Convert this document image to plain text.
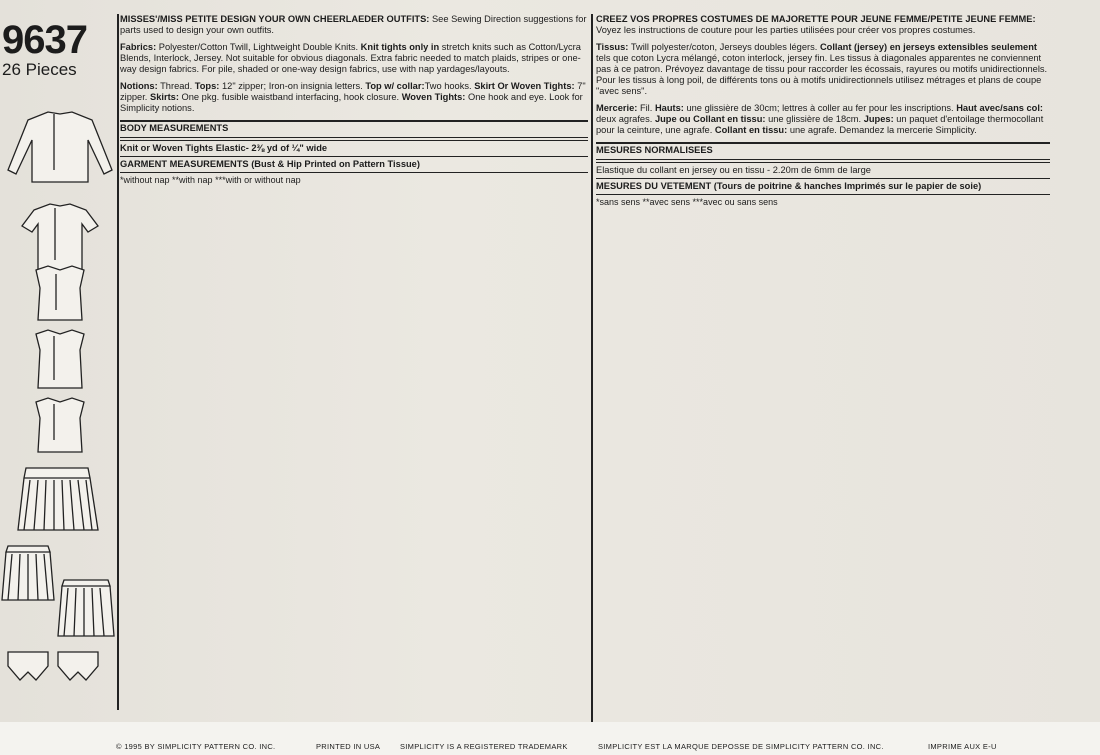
9637
26 Pieces

MISSES'/MISS PETITE DESIGN YOUR OWN CHEERLAEDER OUTFITS: See Sewing Direction suggestions for parts used to design your own outfits.

Fabrics: Polyester/Cotton Twill, Lightweight Double Knits. Knit tights only in stretch knits such as Cotton/Lycra Blends, Interlock, Jersey. Not suitable for obvious diagonals. Extra fabric needed to match plaids, stripes or one-way design fabrics. For pile, shaded or one-way design fabrics, use with nap yardages/layouts.

Notions: Thread. Tops: 12" zipper; Iron-on insignia letters. Top w/ collar:Two hooks. Skirt Or Woven Tights: 7" zipper. Skirts: One pkg. fusible waistband interfacing, hook closure. Woven Tights: One hook and eye. Look for Simplicity notions.

BODY MEASUREMENTS
Knit or Woven Tights Elastic- 2⅜ yd of ¼" wide
GARMENT MEASUREMENTS (Bust & Hip Printed on Pattern Tissue)
*without nap **with nap ***with or without nap

CREEZ VOS PROPRES COSTUMES DE MAJORETTE POUR JEUNE FEMME/PETITE JEUNE FEMME: Voyez les instructions de couture pour les parties utilisées pour créer vos propres costumes.

Tissus: Twill polyester/coton, Jerseys doubles légers. Collant (jersey) en jerseys extensibles seulement tels que coton Lycra mélangé, coton interlock, jersey fin. Les tissus à diagonales apparentes ne conviennent pas à ce patron. Prévoyez davantage de tissu pour raccorder les écossais, rayures ou motifs unidirectionnels. Pour les tissus à long poil, de différents tons ou à motifs unidirectionnels utilisez métrages et plans de coupe "avec sens".

Mercerie: Fil. Hauts: une glissière de 30cm; lettres à coller au fer pour les inscriptions. Haut avec/sans col: deux agrafes. Jupe ou Collant en tissu: une glissière de 18cm. Jupes: un paquet d'entoilage thermocollant pour la ceinture, une agrafe. Collant en tissu: une agrafe. Demandez la mercerie Simplicity.

MESURES NORMALISEES
Elastique du collant en jersey ou en tissu - 2.20m de 6mm de large
MESURES DU VETEMENT (Tours de poitrine & hanches Imprimés sur le papier de soie)
*sans sens **avec sens ***avec ou sans sens
© 1995 BY SIMPLICITY PATTERN CO. INC.	PRINTED IN USA	SIMPLICITY IS A REGISTERED TRADEMARK	SIMPLICITY EST LA MARQUE DEPOSSE DE SIMPLICITY PATTERN CO. INC.	IMPRIME AUX E-U
